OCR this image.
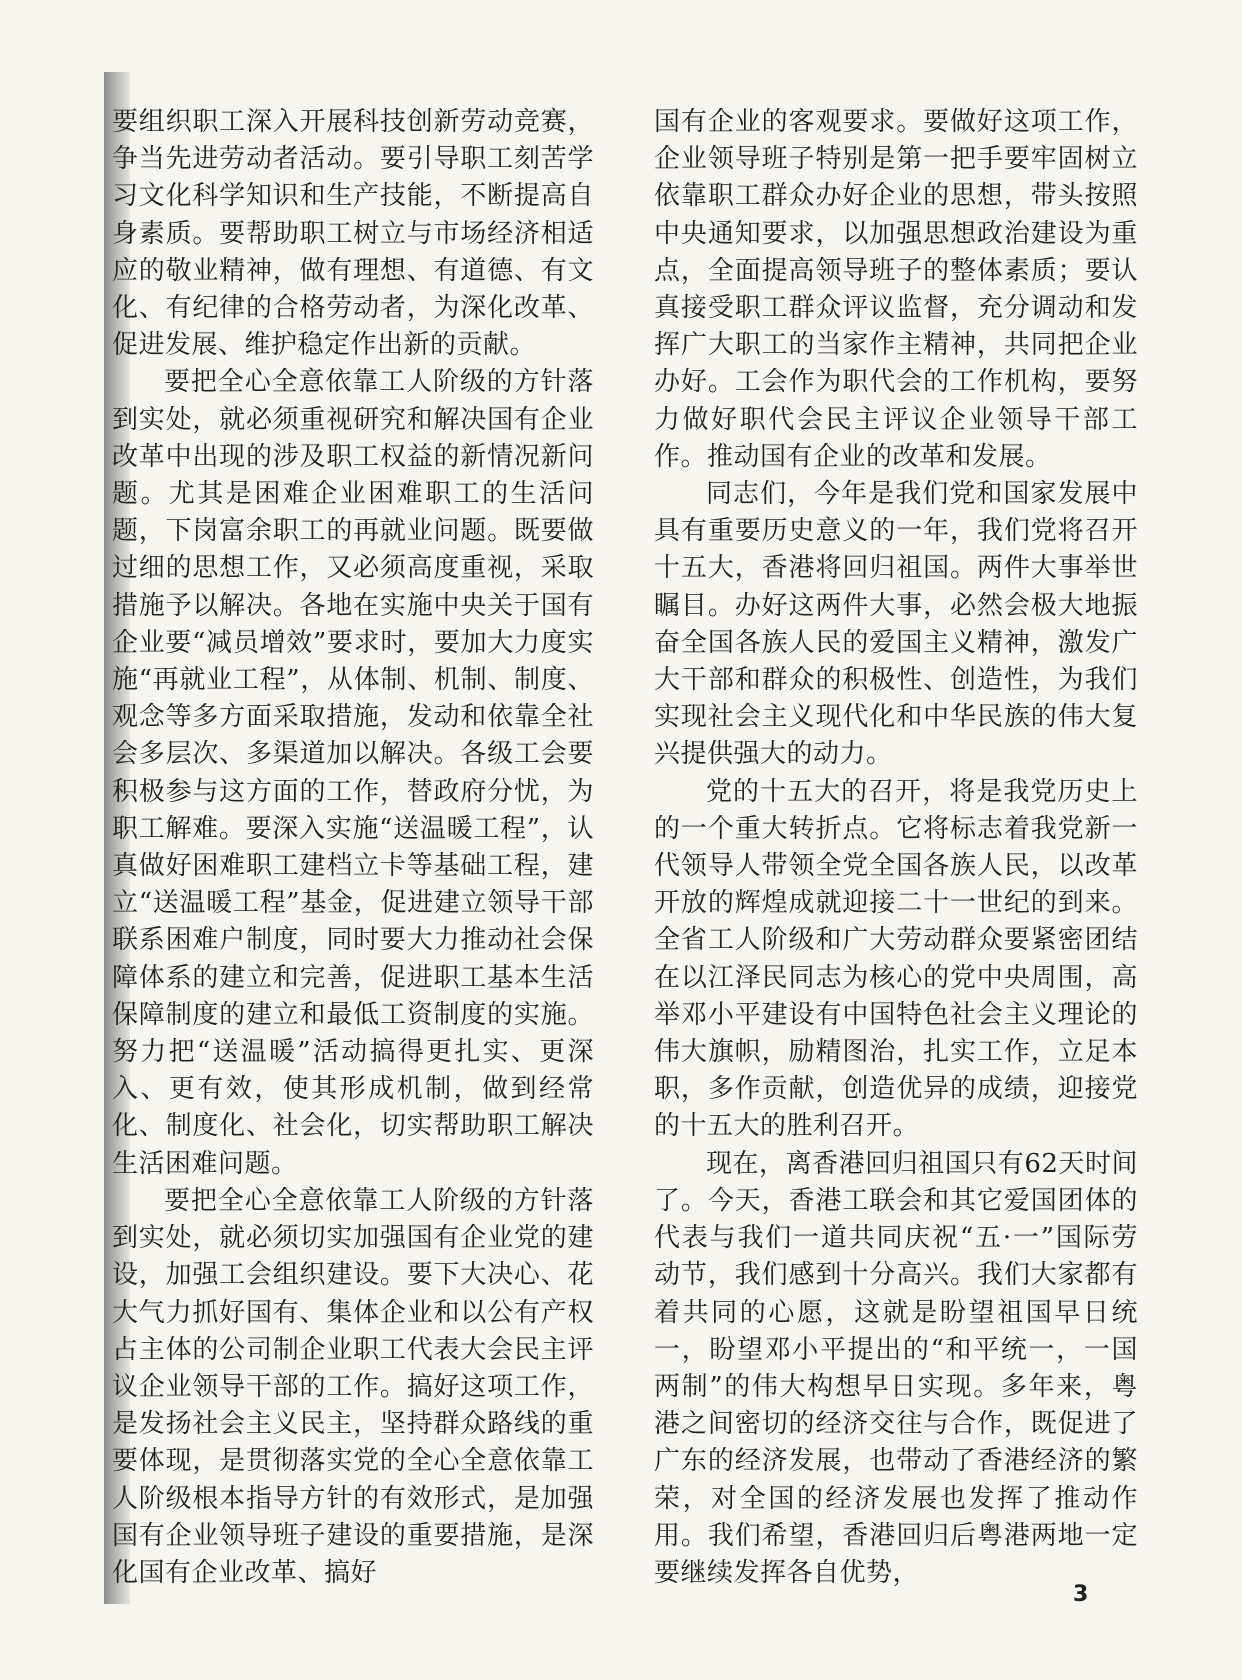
要组织职工深入开展科技创新劳动竞赛，争当先进劳动者活动。要引导职工刻苦学习文化科学知识和生产技能，不断提高自身素质。要帮助职工树立与市场经济相适应的敬业精神，做有理想、有道德、有文化、有纪律的合格劳动者，为深化改革、促进发展、维护稳定作出新的贡献。

要把全心全意依靠工人阶级的方针落到实处，就必须重视研究和解决国有企业改革中出现的涉及职工权益的新情况新问题。尤其是困难企业困难职工的生活问题，下岗富余职工的再就业问题。既要做过细的思想工作，又必须高度重视，采取措施予以解决。各地在实施中央关于国有企业要“减员增效”要求时，要加大力度实施“再就业工程”，从体制、机制、制度、观念等多方面采取措施，发动和依靠全社会多层次、多渠道加以解决。各级工会要积极参与这方面的工作，替政府分忧，为职工解难。要深入实施“送温暖工程”，认真做好困难职工建档立卡等基础工程，建立“送温暖工程”基金，促进建立领导干部联系困难户制度，同时要大力推动社会保障体系的建立和完善，促进职工基本生活保障制度的建立和最低工资制度的实施。努力把“送温暖”活动搞得更扎实、更深入、更有效，使其形成机制，做到经常化、制度化、社会化，切实帮助职工解决生活困难问题。

要把全心全意依靠工人阶级的方针落到实处，就必须切实加强国有企业党的建设，加强工会组织建设。要下大决心、花大气力抓好国有、集体企业和以公有产权占主体的公司制企业职工代表大会民主评议企业领导干部的工作。搞好这项工作，是发扬社会主义民主，坚持群众路线的重要体现，是贯彻落实党的全心全意依靠工人阶级根本指导方针的有效形式，是加强国有企业领导班子建设的重要措施，是深化国有企业改革、搞好

国有企业的客观要求。要做好这项工作，企业领导班子特别是第一把手要牢固树立依靠职工群众办好企业的思想，带头按照中央通知要求，以加强思想政治建设为重点，全面提高领导班子的整体素质；要认真接受职工群众评议监督，充分调动和发挥广大职工的当家作主精神，共同把企业办好。工会作为职代会的工作机构，要努力做好职代会民主评议企业领导干部工作。推动国有企业的改革和发展。

同志们，今年是我们党和国家发展中具有重要历史意义的一年，我们党将召开十五大，香港将回归祖国。两件大事举世瞩目。办好这两件大事，必然会极大地振奋全国各族人民的爱国主义精神，激发广大干部和群众的积极性、创造性，为我们实现社会主义现代化和中华民族的伟大复兴提供强大的动力。

党的十五大的召开，将是我党历史上的一个重大转折点。它将标志着我党新一代领导人带领全党全国各族人民，以改革开放的辉煌成就迎接二十一世纪的到来。全省工人阶级和广大劳动群众要紧密团结在以江泽民同志为核心的党中央周围，高举邓小平建设有中国特色社会主义理论的伟大旗帜，励精图治，扎实工作，立足本职，多作贡献，创造优异的成绩，迎接党的十五大的胜利召开。

现在，离香港回归祖国只有62天时间了。今天，香港工联会和其它爱国团体的代表与我们一道共同庆祝“五·一”国际劳动节，我们感到十分高兴。我们大家都有着共同的心愿，这就是盼望祖国早日统一，盼望邓小平提出的“和平统一，一国两制”的伟大构想早日实现。多年来，粤港之间密切的经济交往与合作，既促进了广东的经济发展，也带动了香港经济的繁荣，对全国的经济发展也发挥了推动作用。我们希望，香港回归后粤港两地一定要继续发挥各自优势，

3
